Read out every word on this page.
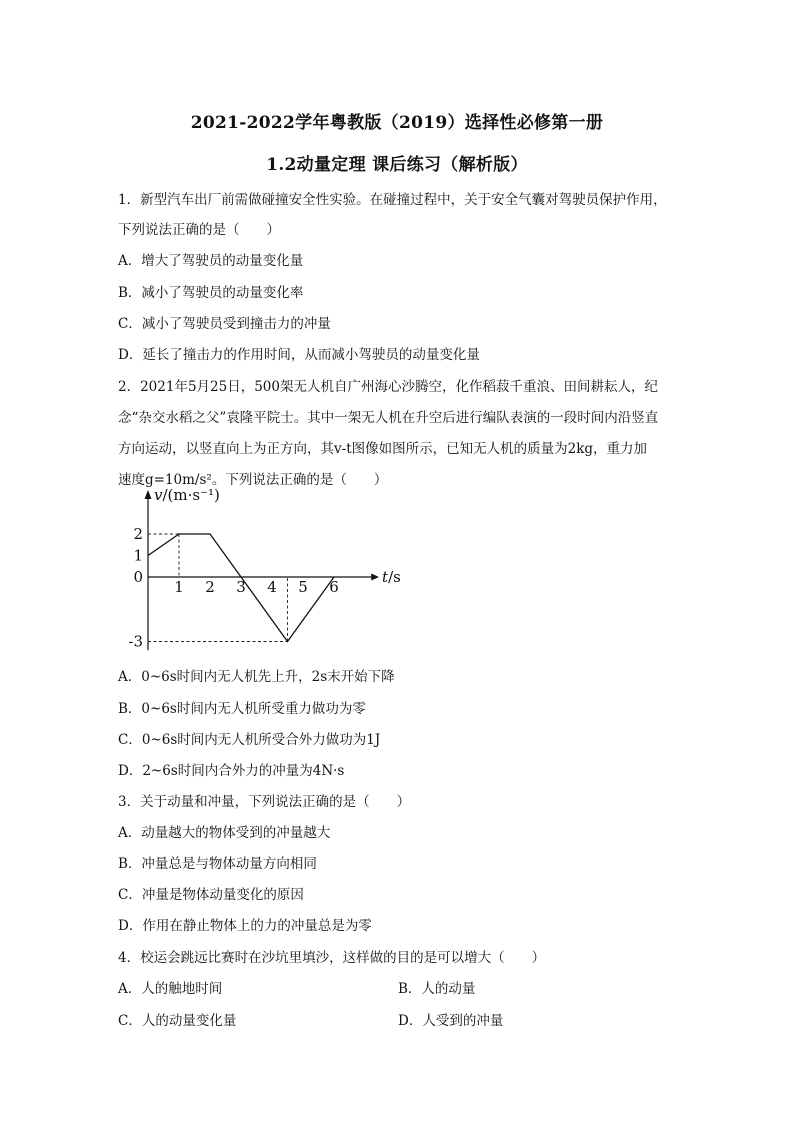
2021-2022学年粤教版（2019）选择性必修第一册
1.2动量定理 课后练习（解析版）
1．新型汽车出厂前需做碰撞安全性实验。在碰撞过程中，关于安全气囊对驾驶员保护作用，
下列说法正确的是（　　）
A．增大了驾驶员的动量变化量
B．减小了驾驶员的动量变化率
C．减小了驾驶员受到撞击力的冲量
D．延长了撞击力的作用时间，从而减小驾驶员的动量变化量
2．2021年5月25日，500架无人机自广州海心沙腾空，化作稻菽千重浪、田间耕耘人，纪
念“杂交水稻之父”袁隆平院士。其中一架无人机在升空后进行编队表演的一段时间内沿竖直
方向运动，以竖直向上为正方向，其v-t图像如图所示，已知无人机的质量为2kg，重力加
速度g=10m/s²。下列说法正确的是（　　）
1 2 3 4 5 6
2
1
0
-3
v/(m·s⁻¹)
t/s
A．0~6s时间内无人机先上升，2s末开始下降
B．0~6s时间内无人机所受重力做功为零
C．0~6s时间内无人机所受合外力做功为1J
D．2~6s时间内合外力的冲量为4N·s
3．关于动量和冲量，下列说法正确的是（　　）
A．动量越大的物体受到的冲量越大
B．冲量总是与物体动量方向相同
C．冲量是物体动量变化的原因
D．作用在静止物体上的力的冲量总是为零
4．校运会跳远比赛时在沙坑里填沙，这样做的目的是可以增大（　　）
A．人的触地时间	B．人的动量
C．人的动量变化量	D．人受到的冲量
